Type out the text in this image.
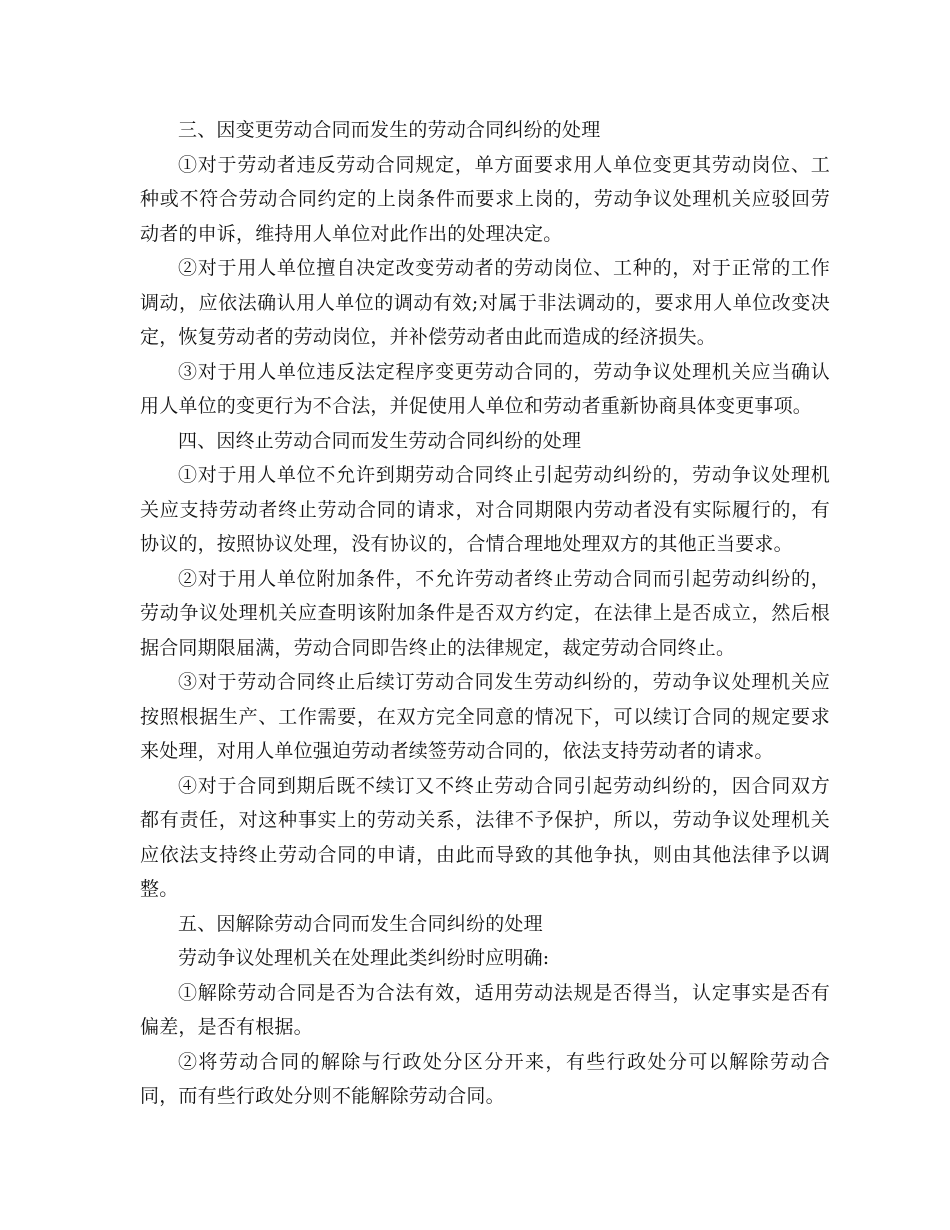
三、因变更劳动合同而发生的劳动合同纠纷的处理

①对于劳动者违反劳动合同规定，单方面要求用人单位变更其劳动岗位、工种或不符合劳动合同约定的上岗条件而要求上岗的，劳动争议处理机关应驳回劳动者的申诉，维持用人单位对此作出的处理决定。

②对于用人单位擅自决定改变劳动者的劳动岗位、工种的，对于正常的工作调动，应依法确认用人单位的调动有效;对属于非法调动的，要求用人单位改变决定，恢复劳动者的劳动岗位，并补偿劳动者由此而造成的经济损失。

③对于用人单位违反法定程序变更劳动合同的，劳动争议处理机关应当确认用人单位的变更行为不合法，并促使用人单位和劳动者重新协商具体变更事项。

四、因终止劳动合同而发生劳动合同纠纷的处理

①对于用人单位不允许到期劳动合同终止引起劳动纠纷的，劳动争议处理机关应支持劳动者终止劳动合同的请求，对合同期限内劳动者没有实际履行的，有协议的，按照协议处理，没有协议的，合情合理地处理双方的其他正当要求。

②对于用人单位附加条件，不允许劳动者终止劳动合同而引起劳动纠纷的，劳动争议处理机关应查明该附加条件是否双方约定，在法律上是否成立，然后根据合同期限届满，劳动合同即告终止的法律规定，裁定劳动合同终止。

③对于劳动合同终止后续订劳动合同发生劳动纠纷的，劳动争议处理机关应按照根据生产、工作需要，在双方完全同意的情况下，可以续订合同的规定要求来处理，对用人单位强迫劳动者续签劳动合同的，依法支持劳动者的请求。

④对于合同到期后既不续订又不终止劳动合同引起劳动纠纷的，因合同双方都有责任，对这种事实上的劳动关系，法律不予保护，所以，劳动争议处理机关应依法支持终止劳动合同的申请，由此而导致的其他争执，则由其他法律予以调整。

五、因解除劳动合同而发生合同纠纷的处理

劳动争议处理机关在处理此类纠纷时应明确:

①解除劳动合同是否为合法有效，适用劳动法规是否得当，认定事实是否有偏差，是否有根据。

②将劳动合同的解除与行政处分区分开来，有些行政处分可以解除劳动合同，而有些行政处分则不能解除劳动合同。
